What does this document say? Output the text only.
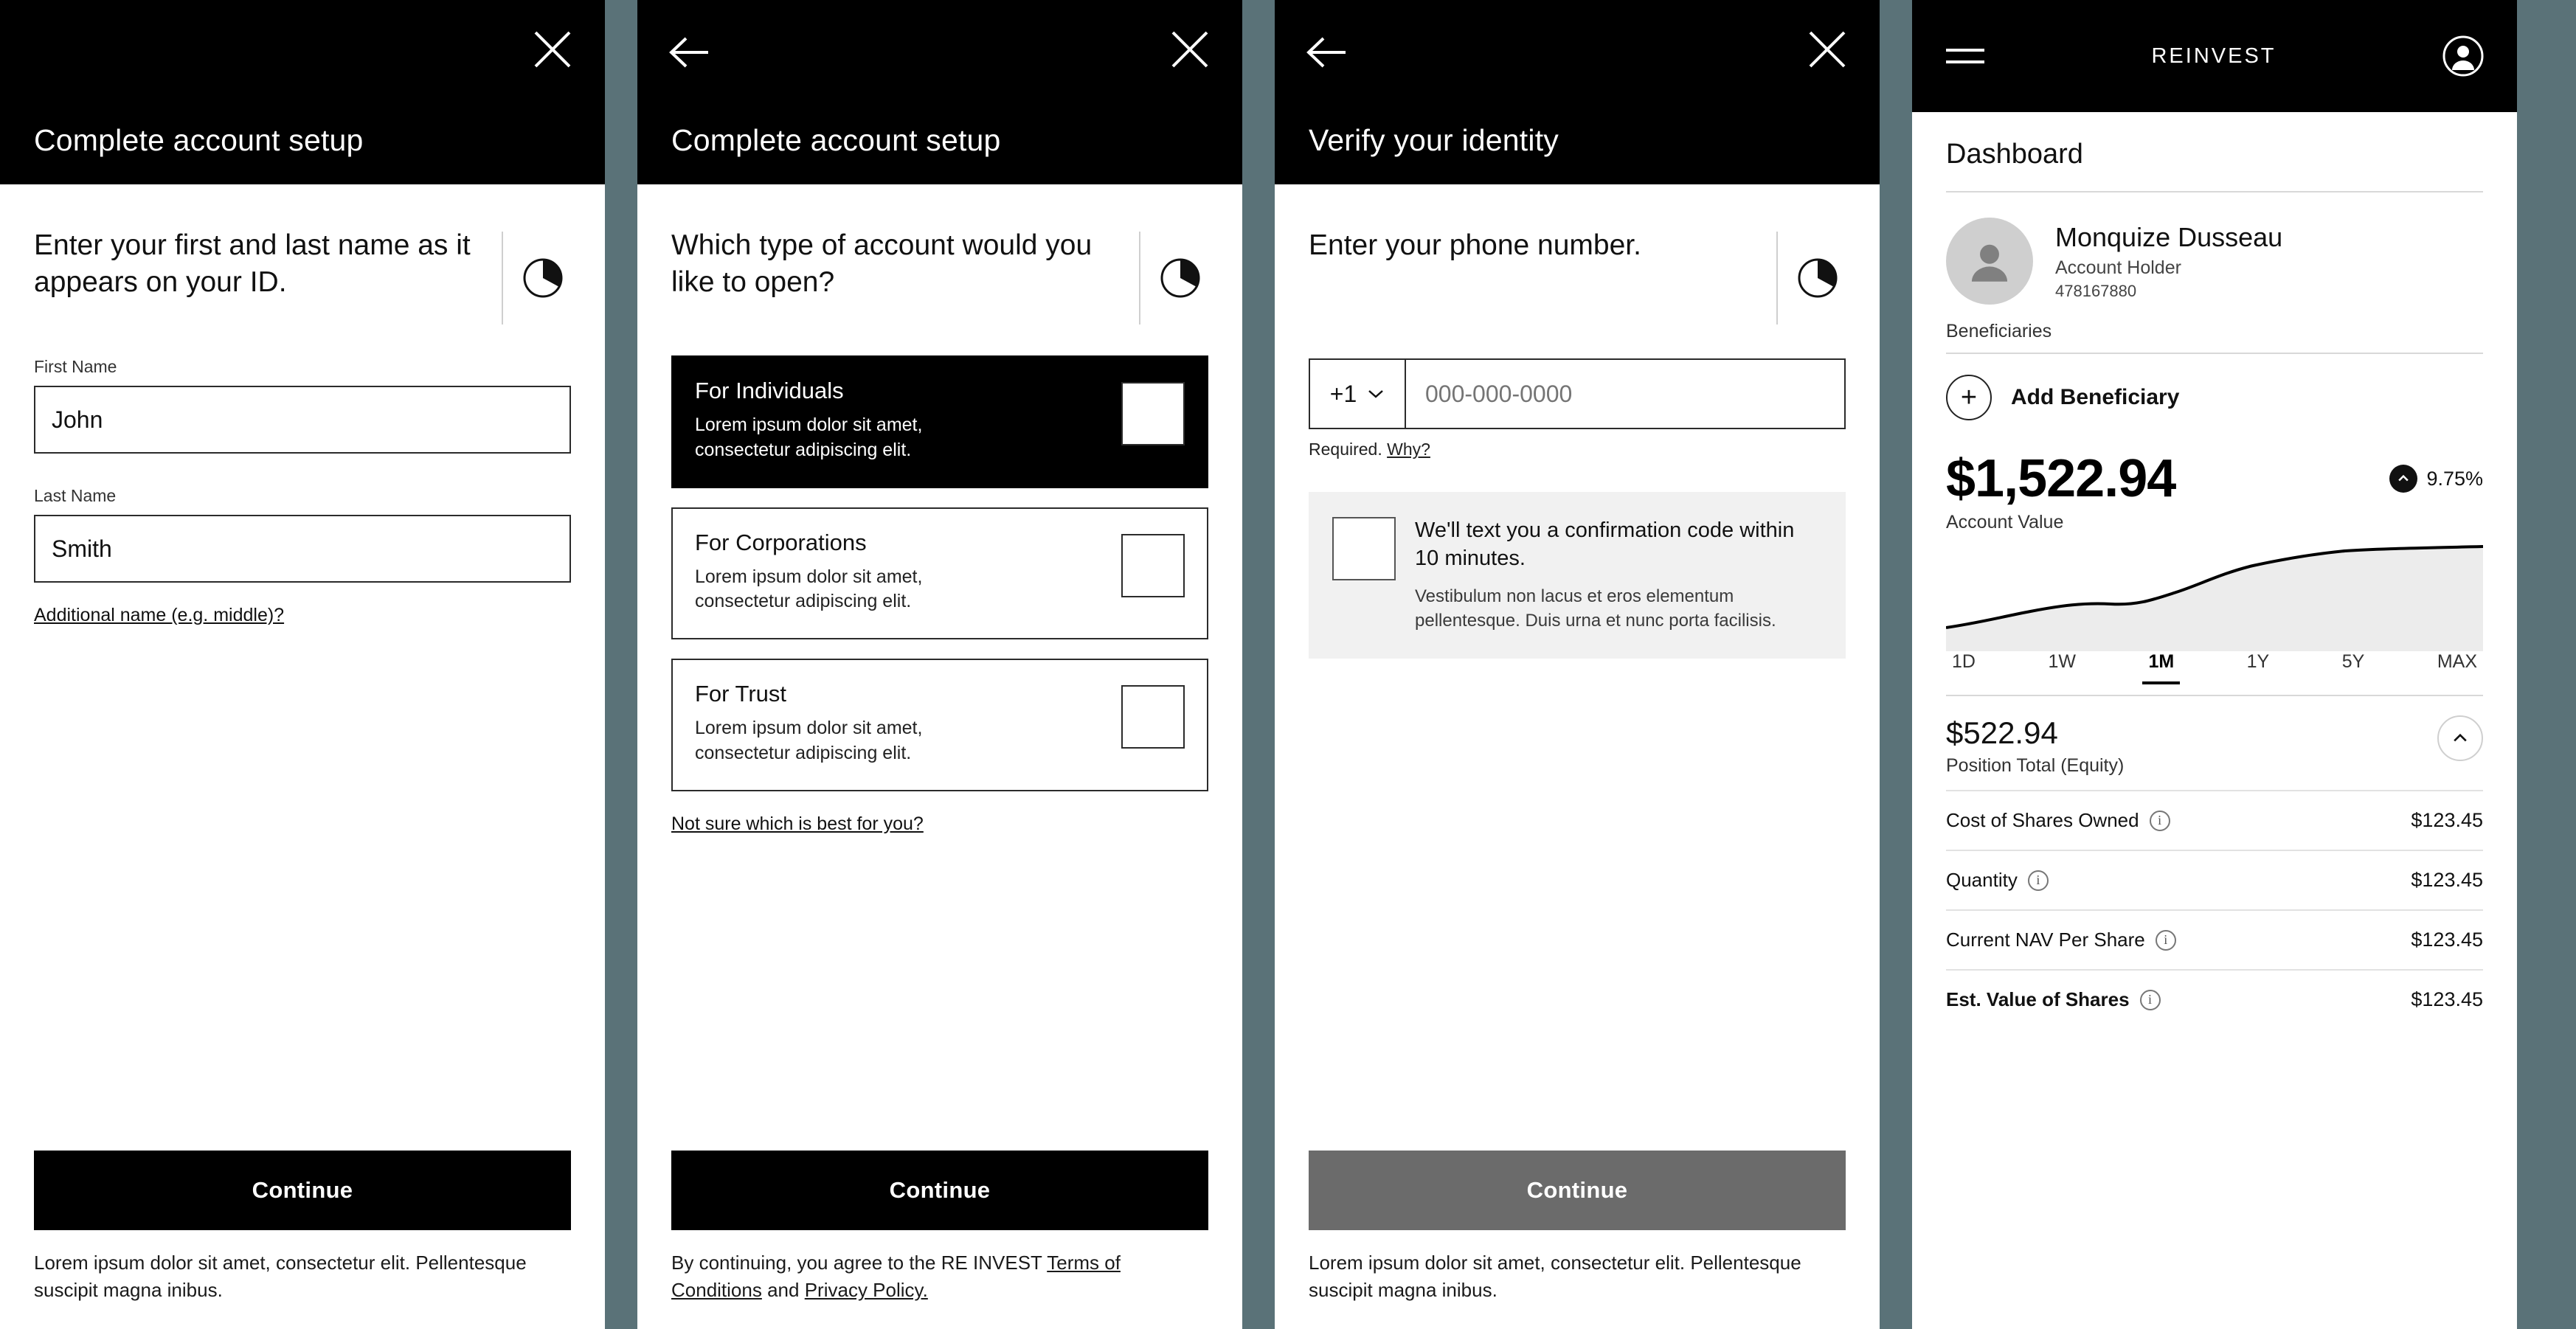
Complete account setup
Enter your first and last name as it appears on your ID.
First Name
John
Last Name
Smith
Additional name (e.g. middle)?
Continue
Lorem ipsum dolor sit amet, consectetur elit. Pellentesque suscipit magna inibus.
Complete account setup
Which type of account would you like to open?
For Individuals
Lorem ipsum dolor sit amet, consectetur adipiscing elit.
For Corporations
Lorem ipsum dolor sit amet, consectetur adipiscing elit.
For Trust
Lorem ipsum dolor sit amet, consectetur adipiscing elit.
Not sure which is best for you?
Continue
By continuing, you agree to the RE INVEST Terms of Conditions and Privacy Policy.
Verify your identity
Enter your phone number.
+1
000-000-0000
Required. Why?
We'll text you a confirmation code within 10 minutes.
Vestibulum non lacus et eros elementum pellentesque. Duis urna et nunc porta facilisis.
Continue
Lorem ipsum dolor sit amet, consectetur elit. Pellentesque suscipit magna inibus.
REINVEST
Dashboard
Monquize Dusseau
Account Holder
478167880
Beneficiaries
+	Add Beneficiary
$1,522.94	9.75%
Account Value
1D	1W	1M	1Y	5Y	MAX
$522.94
Position Total (Equity)
Cost of Shares Owned	i	$123.45
Quantity	i	$123.45
Current NAV Per Share	i	$123.45
Est. Value of Shares	i	$123.45
